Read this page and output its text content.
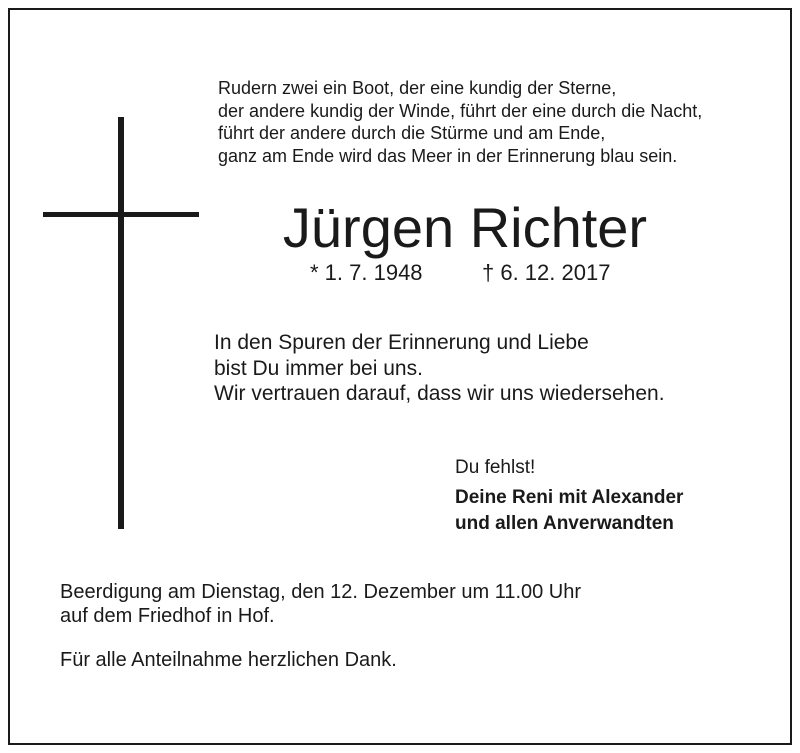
Rudern zwei ein Boot, der eine kundig der Sterne,
der andere kundig der Winde, führt der eine durch die Nacht,
führt der andere durch die Stürme und am Ende,
ganz am Ende wird das Meer in der Erinnerung blau sein.
Jürgen Richter
* 1. 7. 1948	† 6. 12. 2017
In den Spuren der Erinnerung und Liebe
bist Du immer bei uns.
Wir vertrauen darauf, dass wir uns wiedersehen.
Du fehlst!
Deine Reni mit Alexander
und allen Anverwandten
Beerdigung am Dienstag, den 12. Dezember um 11.00 Uhr
auf dem Friedhof in Hof.
Für alle Anteilnahme herzlichen Dank.
